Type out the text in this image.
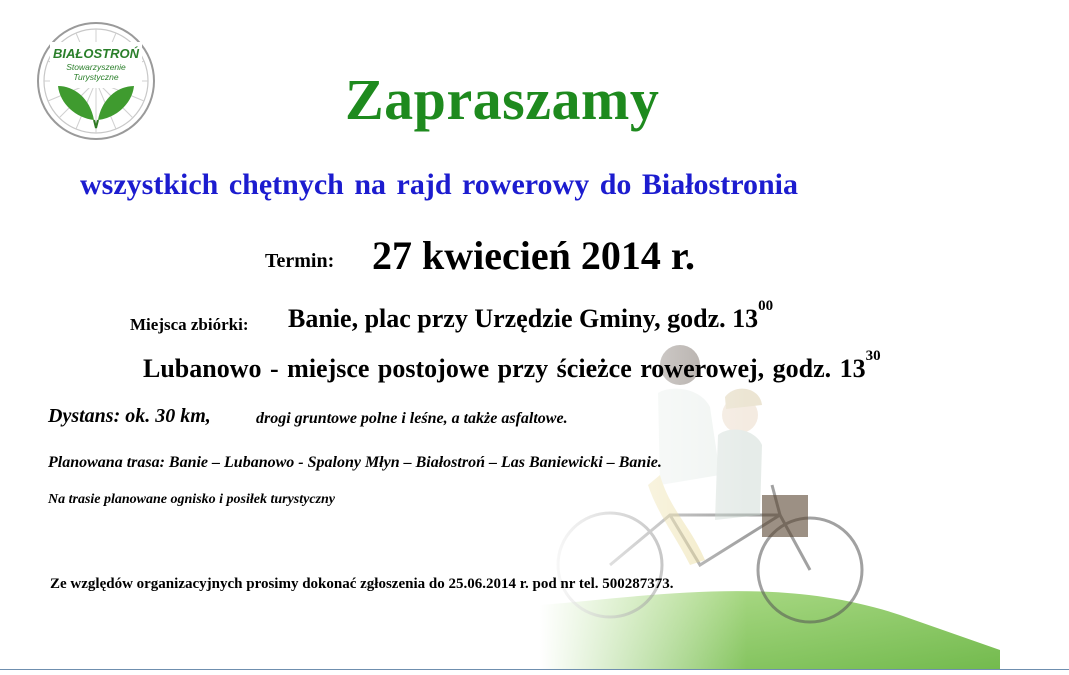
BIAŁOSTROŃ
Stowarzyszenie
Turystyczne	Zapraszamy
wszystkich chętnych na rajd rowerowy do Białostronia
Termin: 27 kwiecień 2014 r.
Miejsca zbiórki: Banie, plac przy Urzędzie Gminy, godz. $13^{00}$
Lubanowo - miejsce postojowe przy ścieżce rowerowej, godz. $13^{30}$
Dystans: ok. 30 km,	drogi gruntowe polne i leśne, a także asfaltowe.
Planowana trasa: Banie – Lubanowo - Spalony Młyn – Białostroń – Las Baniewicki – Banie.
Na trasie planowane ognisko i posiłek turystyczny
Ze względów organizacyjnych prosimy dokonać zgłoszenia do 25.06.2014 r. pod nr tel. 500287373.
